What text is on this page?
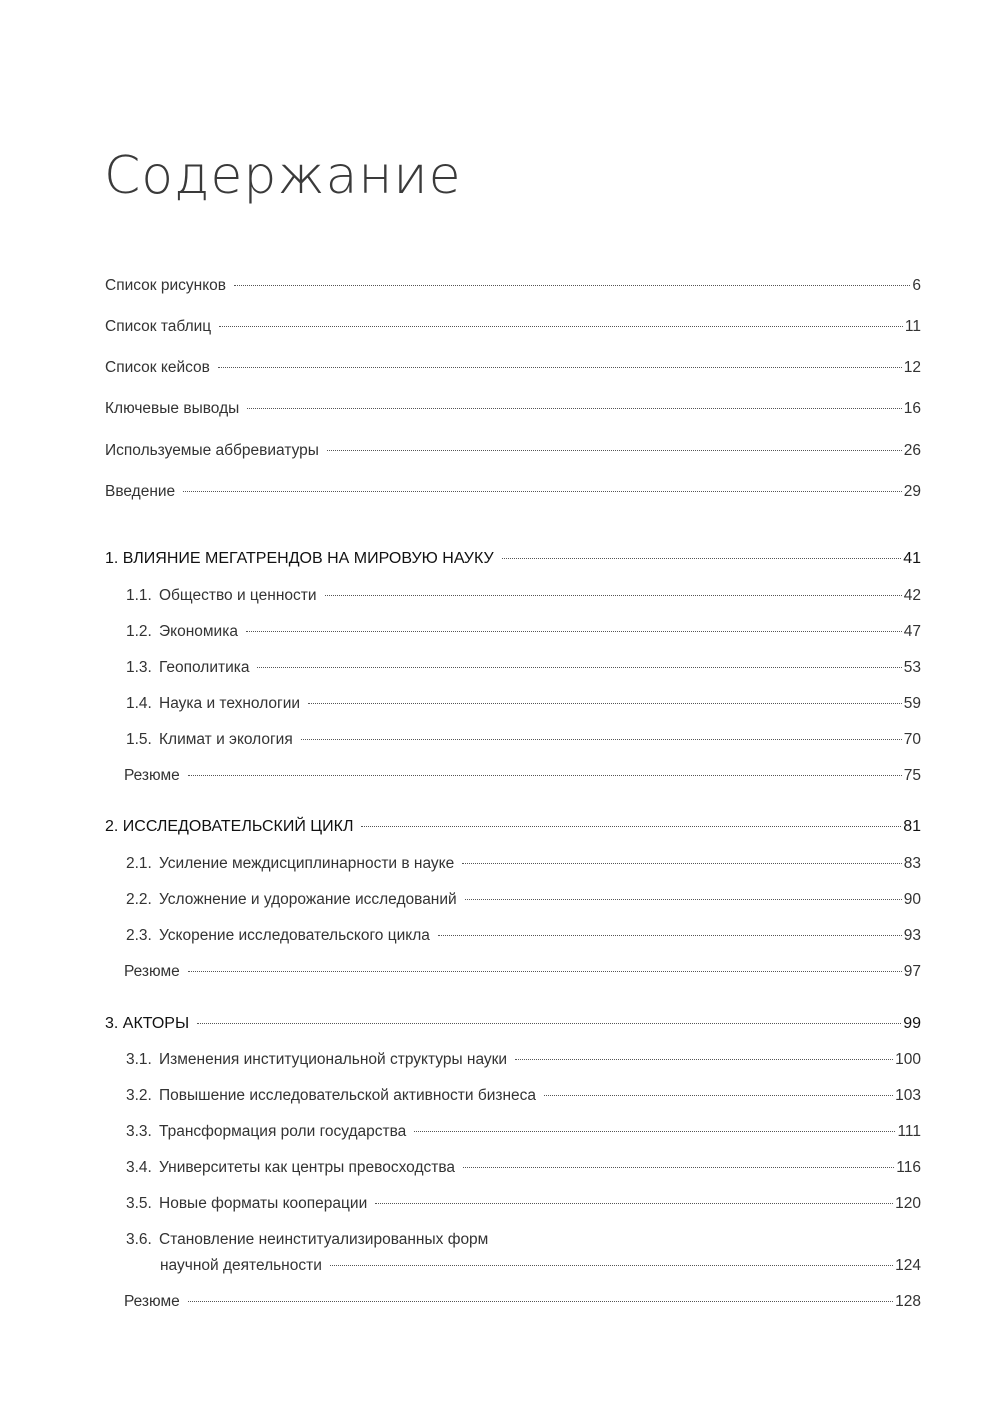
Содержание
Список рисунков	6
Список таблиц	11
Список кейсов	12
Ключевые выводы	16
Используемые аббревиатуры	26
Введение	29
1. ВЛИЯНИЕ МЕГАТРЕНДОВ НА МИРОВУЮ НАУКУ	41
1.1. Общество и ценности	42
1.2. Экономика	47
1.3. Геополитика	53
1.4. Наука и технологии	59
1.5. Климат и экология	70
Резюме	75
2. ИССЛЕДОВАТЕЛЬСКИЙ ЦИКЛ	81
2.1. Усиление междисциплинарности в науке	83
2.2. Усложнение и удорожание исследований	90
2.3. Ускорение исследовательского цикла	93
Резюме	97
3. АКТОРЫ	99
3.1. Изменения институциональной структуры науки	100
3.2. Повышение исследовательской активности бизнеса	103
3.3. Трансформация роли государства	111
3.4. Университеты как центры превосходства	116
3.5. Новые форматы кооперации	120
3.6. Становление неинституализированных форм
научной деятельности	124
Резюме	128
